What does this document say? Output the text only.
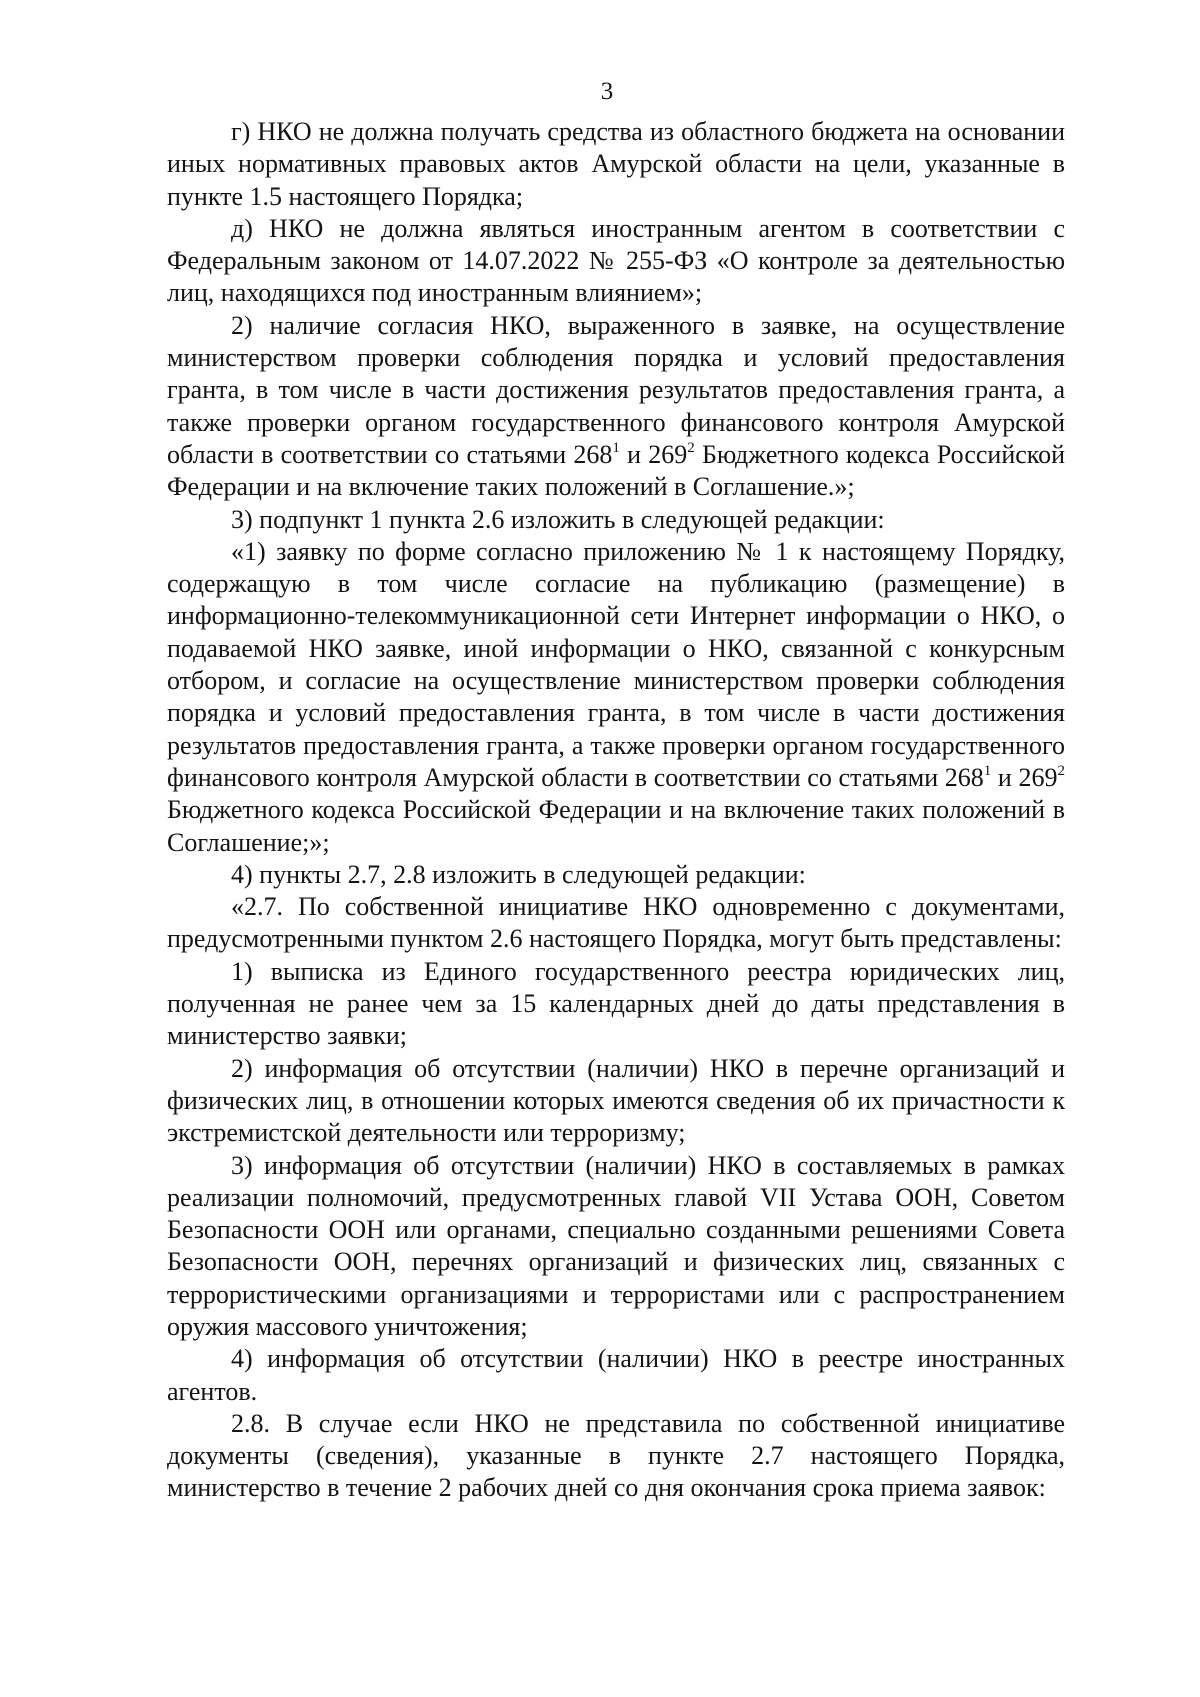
3

г) НКО не должна получать средства из областного бюджета на основании иных нормативных правовых актов Амурской области на цели, указанные в пункте 1.5 настоящего Порядка;

д) НКО не должна являться иностранным агентом в соответствии с Федеральным законом от 14.07.2022 № 255-ФЗ «О контроле за деятельностью лиц, находящихся под иностранным влиянием»;

2) наличие согласия НКО, выраженного в заявке, на осуществление министерством проверки соблюдения порядка и условий предоставления гранта, в том числе в части достижения результатов предоставления гранта, а также проверки органом государственного финансового контроля Амурской области в соответствии со статьями $268^1$ и $269^2$ Бюджетного кодекса Российской Федерации и на включение таких положений в Соглашение.»;

3) подпункт 1 пункта 2.6 изложить в следующей редакции:

«1) заявку по форме согласно приложению № 1 к настоящему Порядку, содержащую в том числе согласие на публикацию (размещение) в информационно-телекоммуникационной сети Интернет информации о НКО, о подаваемой НКО заявке, иной информации о НКО, связанной с конкурсным отбором, и согласие на осуществление министерством проверки соблюдения порядка и условий предоставления гранта, в том числе в части достижения результатов предоставления гранта, а также проверки органом государственного финансового контроля Амурской области в соответствии со статьями $268^1$ и $269^2$ Бюджетного кодекса Российской Федерации и на включение таких положений в Соглашение;»;

4) пункты 2.7, 2.8 изложить в следующей редакции:

«2.7. По собственной инициативе НКО одновременно с документами, предусмотренными пунктом 2.6 настоящего Порядка, могут быть представлены:

1) выписка из Единого государственного реестра юридических лиц, полученная не ранее чем за 15 календарных дней до даты представления в министерство заявки;

2) информация об отсутствии (наличии) НКО в перечне организаций и физических лиц, в отношении которых имеются сведения об их причастности к экстремистской деятельности или терроризму;

3) информация об отсутствии (наличии) НКО в составляемых в рамках реализации полномочий, предусмотренных главой VII Устава ООН, Советом Безопасности ООН или органами, специально созданными решениями Совета Безопасности ООН, перечнях организаций и физических лиц, связанных с террористическими организациями и террористами или с распространением оружия массового уничтожения;

4) информация об отсутствии (наличии) НКО в реестре иностранных агентов.

2.8. В случае если НКО не представила по собственной инициативе документы (сведения), указанные в пункте 2.7 настоящего Порядка, министерство в течение 2 рабочих дней со дня окончания срока приема заявок:
